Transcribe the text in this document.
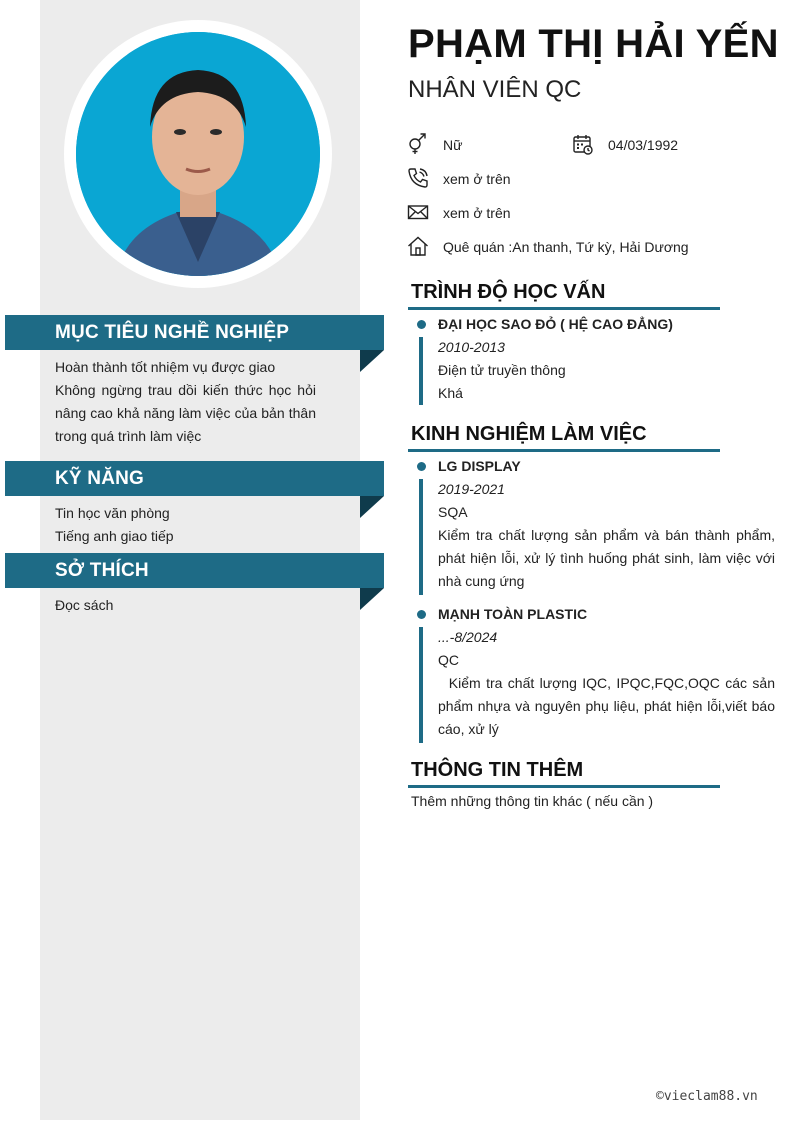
MỤC TIÊU NGHỀ NGHIỆP

Hoàn thành tốt nhiệm vụ được giao

Không ngừng trau dồi kiến thức học hỏi nâng cao khả năng làm việc của bản thân trong quá trình làm việc

KỸ NĂNG

Tin học văn phòng

Tiếng anh giao tiếp

SỞ THÍCH

Đọc sách

PHẠM THỊ HẢI YẾN
NHÂN VIÊN QC
Nữ	04/03/1992
xem ở trên
xem ở trên
Quê quán :An thanh, Tứ kỳ, Hải Dương
TRÌNH ĐỘ HỌC VẤN
ĐẠI HỌC SAO ĐỎ ( HỆ CAO ĐẲNG)
2010-2013
Điện tử truyền thông
Khá
KINH NGHIỆM LÀM VIỆC
LG DISPLAY
2019-2021
SQA
Kiểm tra chất lượng sản phẩm và bán thành phẩm, phát hiện lỗi, xử lý tình huống phát sinh, làm việc với nhà cung ứng
MẠNH TOÀN PLASTIC
...-8/2024
QC
Kiểm tra chất lượng IQC, IPQC,FQC,OQC các sản phẩm nhựa và nguyên phụ liệu, phát hiện lỗi,viết báo cáo, xử lý
THÔNG TIN THÊM
Thêm những thông tin khác ( nếu cần )
©vieclam88.vn
